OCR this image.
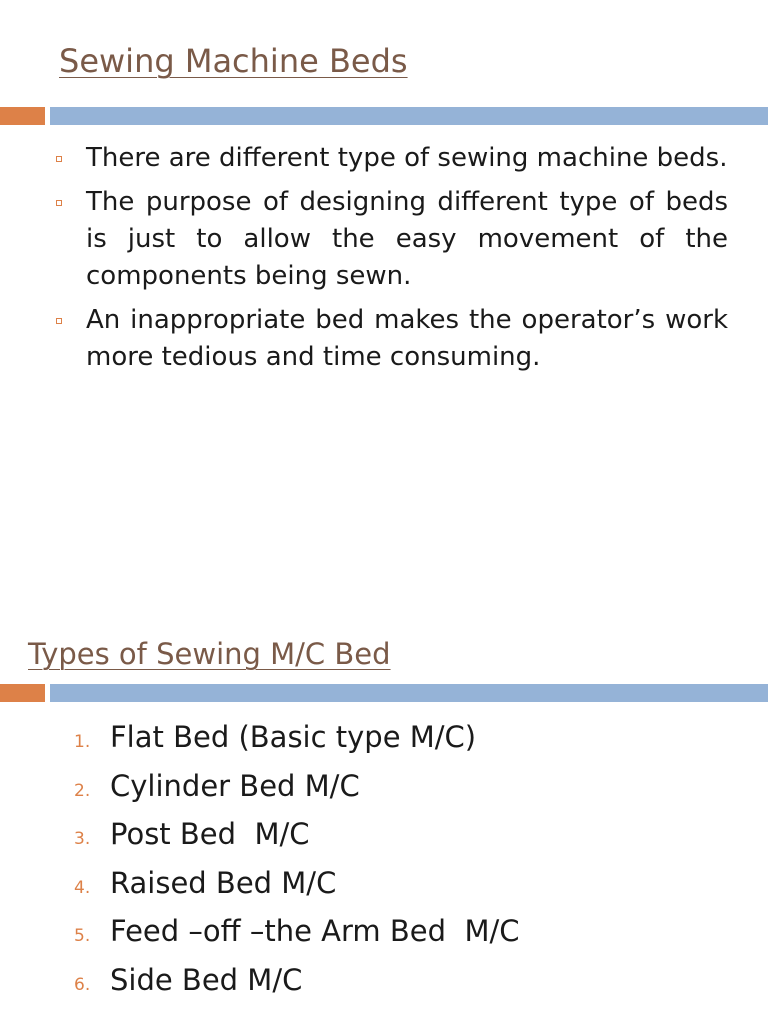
Sewing Machine Beds
There are different type of sewing machine beds.
The purpose of designing different type of beds is just to allow the easy movement of the components being sewn.
An inappropriate bed makes the operator’s work more tedious and time consuming.
Types of Sewing M/C Bed
1. Flat Bed (Basic type M/C)
2. Cylinder Bed M/C
3. Post Bed  M/C
4. Raised Bed M/C
5. Feed –off –the Arm Bed  M/C
6. Side Bed M/C
